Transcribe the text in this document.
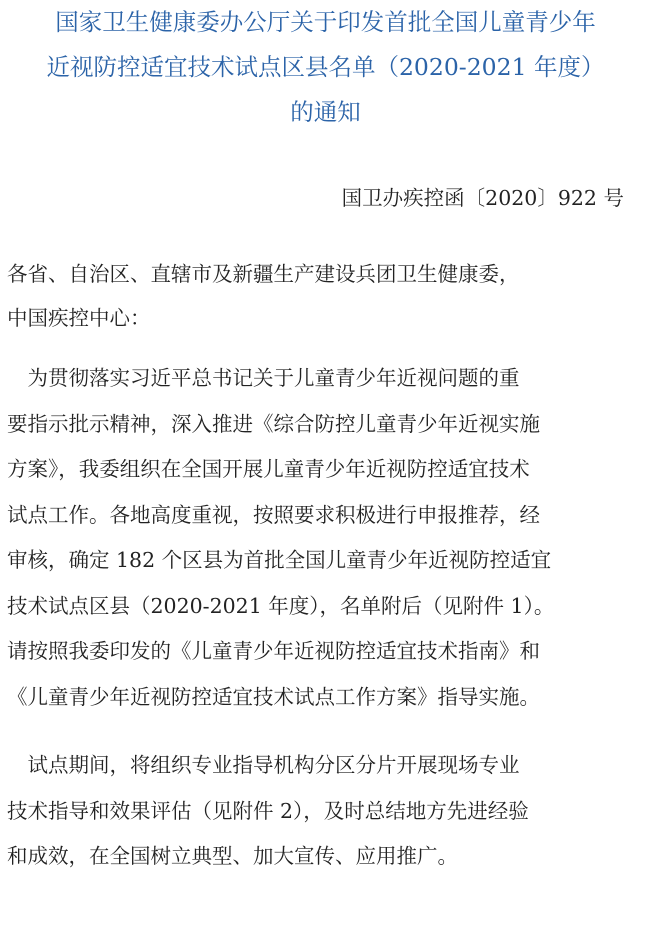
国家卫生健康委办公厅关于印发首批全国儿童青少年
近视防控适宜技术试点区县名单（2020-2021 年度）
的通知
国卫办疾控函〔2020〕922 号
各省、自治区、直辖市及新疆生产建设兵团卫生健康委，
中国疾控中心：
　为贯彻落实习近平总书记关于儿童青少年近视问题的重
要指示批示精神，深入推进《综合防控儿童青少年近视实施
方案》，我委组织在全国开展儿童青少年近视防控适宜技术
试点工作。各地高度重视，按照要求积极进行申报推荐，经
审核，确定 182 个区县为首批全国儿童青少年近视防控适宜
技术试点区县（2020-2021 年度），名单附后（见附件 1）。
请按照我委印发的《儿童青少年近视防控适宜技术指南》和
《儿童青少年近视防控适宜技术试点工作方案》指导实施。
　试点期间，将组织专业指导机构分区分片开展现场专业
技术指导和效果评估（见附件 2），及时总结地方先进经验
和成效，在全国树立典型、加大宣传、应用推广。
